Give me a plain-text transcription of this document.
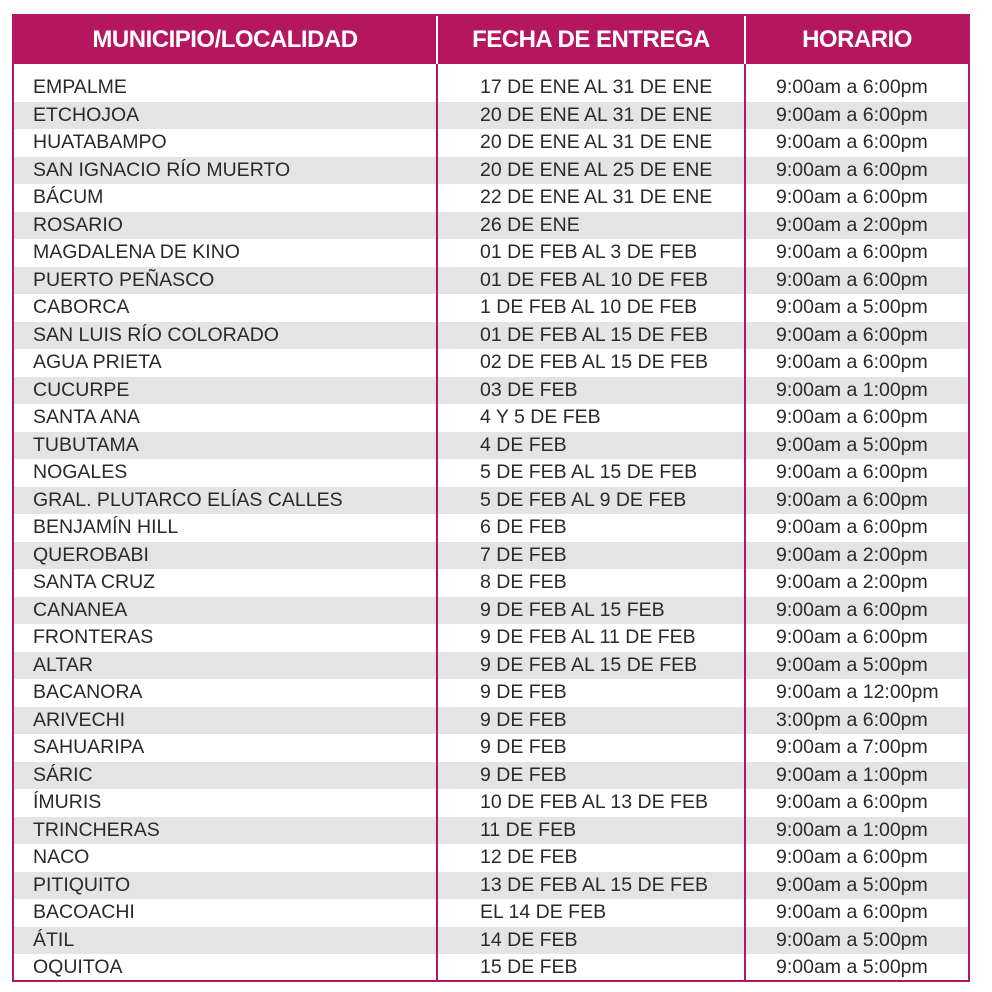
MUNICIPIO/LOCALIDAD	FECHA DE ENTREGA	HORARIO
EMPALME	17 DE ENE AL 31 DE ENE	9:00am a 6:00pm
ETCHOJOA	20 DE ENE AL 31 DE ENE	9:00am a 6:00pm
HUATABAMPO	20 DE ENE AL 31 DE ENE	9:00am a 6:00pm
SAN IGNACIO RÍO MUERTO	20 DE ENE AL 25 DE ENE	9:00am a 6:00pm
BÁCUM	22 DE ENE AL 31 DE ENE	9:00am a 6:00pm
ROSARIO	26 DE ENE	9:00am a 2:00pm
MAGDALENA DE KINO	01 DE FEB AL 3 DE FEB	9:00am a 6:00pm
PUERTO PEÑASCO	01 DE FEB AL 10 DE FEB	9:00am a 6:00pm
CABORCA	1 DE FEB AL 10 DE FEB	9:00am a 5:00pm
SAN LUIS RÍO COLORADO	01 DE FEB AL 15 DE FEB	9:00am a 6:00pm
AGUA PRIETA	02 DE FEB AL 15 DE FEB	9:00am a 6:00pm
CUCURPE	03 DE FEB	9:00am a 1:00pm
SANTA ANA	4 Y 5 DE FEB	9:00am a 6:00pm
TUBUTAMA	4 DE FEB	9:00am a 5:00pm
NOGALES	5 DE FEB AL 15 DE FEB	9:00am a 6:00pm
GRAL. PLUTARCO ELÍAS CALLES	5 DE FEB AL 9 DE FEB	9:00am a 6:00pm
BENJAMÍN HILL	6 DE FEB	9:00am a 6:00pm
QUEROBABI	7 DE FEB	9:00am a 2:00pm
SANTA CRUZ	8 DE FEB	9:00am a 2:00pm
CANANEA	9 DE FEB AL 15 FEB	9:00am a 6:00pm
FRONTERAS	9 DE FEB AL 11 DE FEB	9:00am a 6:00pm
ALTAR	9 DE FEB AL 15 DE FEB	9:00am a 5:00pm
BACANORA	9 DE FEB	9:00am a 12:00pm
ARIVECHI	9 DE FEB	3:00pm a 6:00pm
SAHUARIPA	9 DE FEB	9:00am a 7:00pm
SÁRIC	9 DE FEB	9:00am a 1:00pm
ÍMURIS	10 DE FEB AL 13 DE FEB	9:00am a 6:00pm
TRINCHERAS	11 DE FEB	9:00am a 1:00pm
NACO	12 DE FEB	9:00am a 6:00pm
PITIQUITO	13 DE FEB AL 15 DE FEB	9:00am a 5:00pm
BACOACHI	EL 14 DE FEB	9:00am a 6:00pm
ÁTIL	14 DE FEB	9:00am a 5:00pm
OQUITOA	15 DE FEB	9:00am a 5:00pm
